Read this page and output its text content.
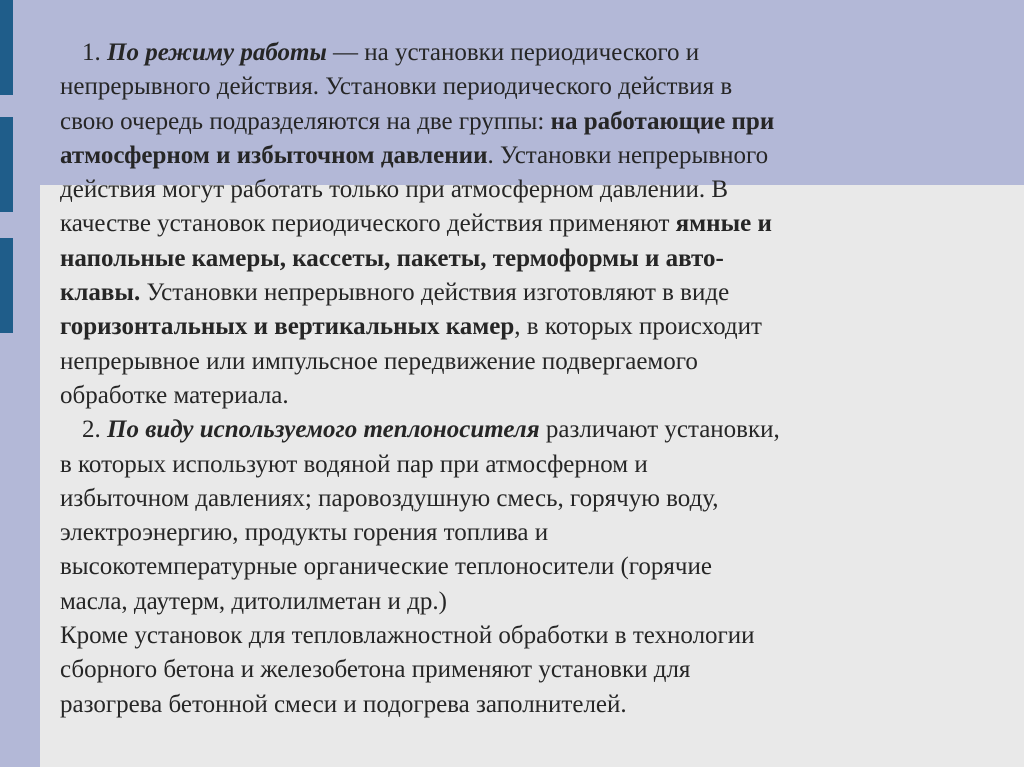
1. По режиму работы — на установки периодического и
непрерывного действия. Установки периодического действия в
свою очередь подразделяются на две группы: на работающие при
атмосферном и избыточном давлении. Установки непрерывного
действия могут работать только при атмосферном давлении. В
качестве установок периодического действия применяют ямные и
напольные камеры, кассеты, пакеты, термоформы и авто-
клавы. Установки непрерывного действия изготовляют в виде
горизонтальных и вертикальных камер, в которых происходит
непрерывное или импульсное передвижение подвергаемого
обработке материала.
2. По виду используемого теплоносителя различают установки,
в которых используют водяной пар при атмосферном и
избыточном давлениях; паровоздушную смесь, горячую воду,
электроэнергию, продукты горения топлива и
высокотемпературные органические теплоносители (горячие
масла, даутерм, дитолилметан и др.)
Кроме установок для тепловлажностной обработки в технологии
сборного бетона и железобетона применяют установки для
разогрева бетонной смеси и подогрева заполнителей.
